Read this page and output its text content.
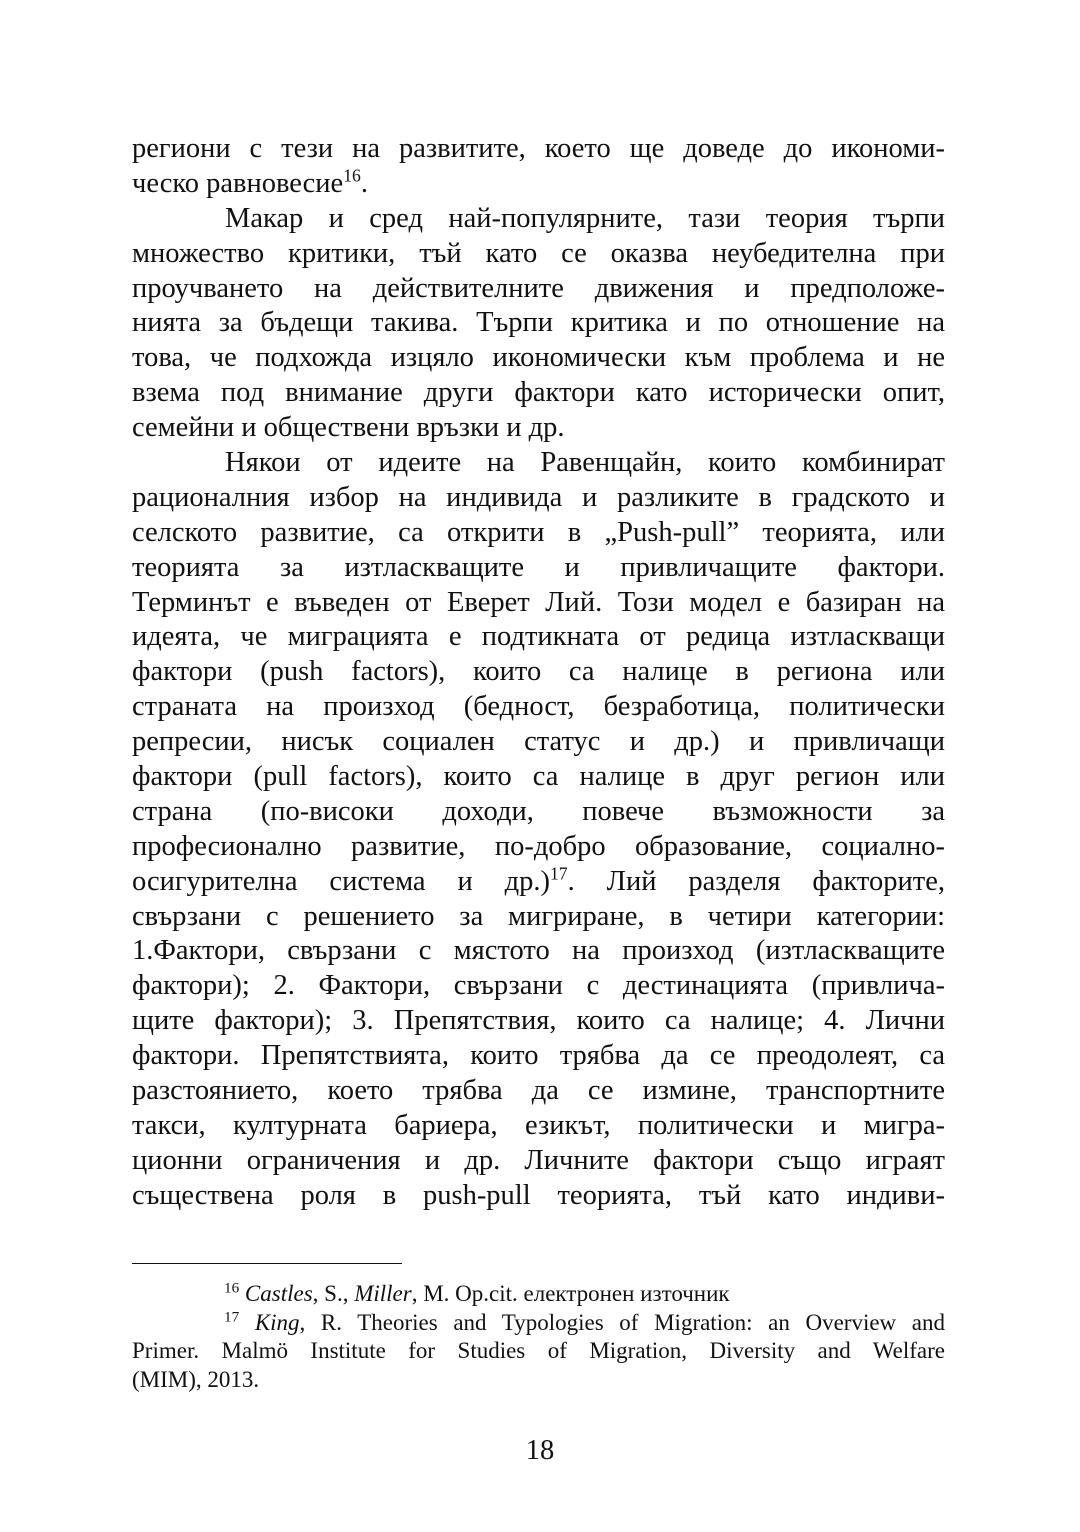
региони с тези на развитите, което ще доведе до икономи-
ческо равновесие$^{16}$.
Макар и сред най-популярните, тази теория търпи
множество критики, тъй като се оказва неубедителна при
проучването на действителните движения и предположе-
нията за бъдещи такива. Търпи критика и по отношение на
това, че подхожда изцяло икономически към проблема и не
взема под внимание други фактори като исторически опит,
семейни и обществени връзки и др.
Някои от идеите на Равенщайн, които комбинират
рационалния избор на индивида и разликите в градското и
селското развитие, са открити в „Push-pull” теорията, или
теорията за изтласкващите и привличащите фактори.
Терминът е въведен от Еверет Лий. Този модел е базиран на
идеята, че миграцията е подтикната от редица изтласкващи
фактори (push factors), които са налице в региона или
страната на произход (бедност, безработица, политически
репресии, нисък социален статус и др.) и привличащи
фактори (pull factors), които са налице в друг регион или
страна (по-високи доходи, повече възможности за
професионално развитие, по-добро образование, социално-
осигурителна система и др.)$^{17}$. Лий разделя факторите,
свързани с решението за мигриране, в четири категории:
1.Фактори, свързани с мястото на произход (изтласкващите
фактори); 2. Фактори, свързани с дестинацията (привлича-
щите фактори); 3. Препятствия, които са налице; 4. Лични
фактори. Препятствията, които трябва да се преодолеят, са
разстоянието, което трябва да се измине, транспортните
такси, културната бариера, езикът, политически и мигра-
ционни ограничения и др. Личните фактори също играят
съществена роля в push-pull теорията, тъй като индиви-
$^{16}$ Castles, S., Miller, M. Op.cit. електронен източник
$^{17}$ King, R. Theories and Typologies of Migration: an Overview and
Primer. Malmö Institute for Studies of Migration, Diversity and Welfare
(MIM), 2013.
18
